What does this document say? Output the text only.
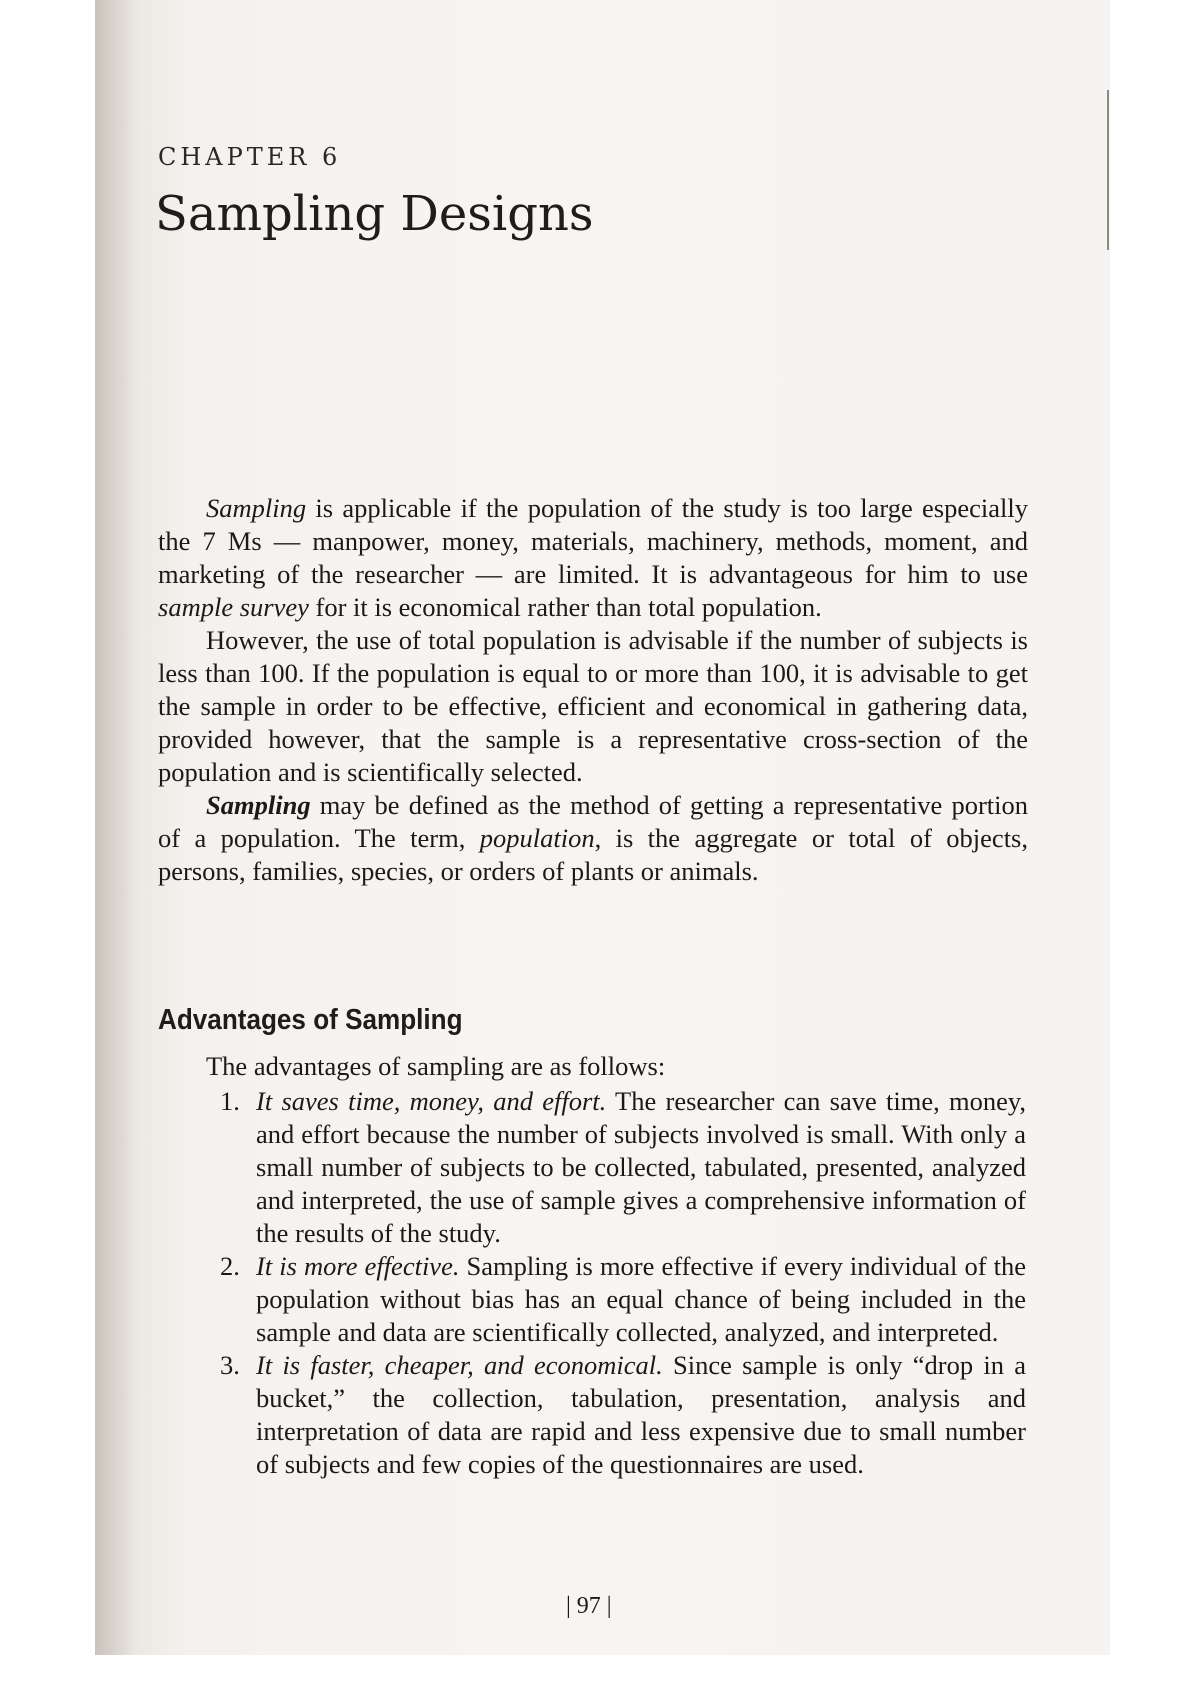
CHAPTER 6
Sampling Designs

Sampling is applicable if the population of the study is too large especially the 7 Ms — manpower, money, materials, machinery, methods, moment, and marketing of the researcher — are limited. It is advantageous for him to use sample survey for it is economical rather than total population.

However, the use of total population is advisable if the number of subjects is less than 100. If the population is equal to or more than 100, it is advisable to get the sample in order to be effective, efficient and economical in gathering data, provided however, that the sample is a representative cross-section of the population and is scientifically selected.

Sampling may be defined as the method of getting a representative portion of a population. The term, population, is the aggregate or total of objects, persons, families, species, or orders of plants or animals.

Advantages of Sampling
The advantages of sampling are as follows:
1. It saves time, money, and effort. The researcher can save time, money, and effort because the number of subjects involved is small. With only a small number of subjects to be collected, tabulated, presented, analyzed and interpreted, the use of sample gives a comprehensive information of the results of the study.
2. It is more effective. Sampling is more effective if every individual of the population without bias has an equal chance of being included in the sample and data are scientifically collected, analyzed, and interpreted.
3. It is faster, cheaper, and economical. Since sample is only “drop in a bucket,” the collection, tabulation, presentation, analysis and interpretation of data are rapid and less expensive due to small number of subjects and few copies of the questionnaires are used.
| 97 |
